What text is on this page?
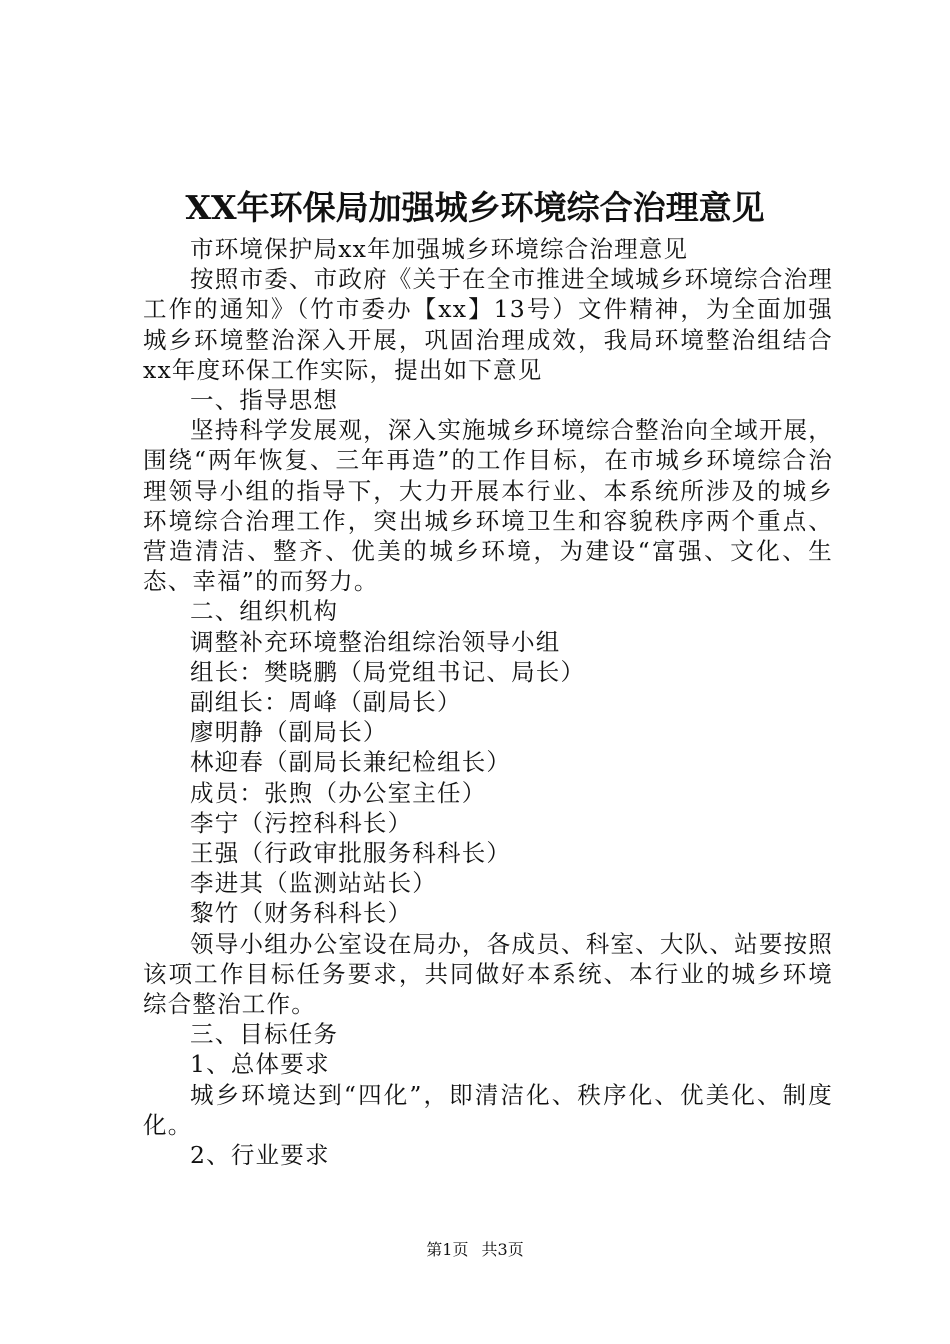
XX年环保局加强城乡环境综合治理意见

市环境保护局xx年加强城乡环境综合治理意见

按照市委、市政府《关于在全市推进全域城乡环境综合治理工作的通知》（竹市委办【xx】13号）文件精神，为全面加强城乡环境整治深入开展，巩固治理成效，我局环境整治组结合xx年度环保工作实际，提出如下意见

一、指导思想

坚持科学发展观，深入实施城乡环境综合整治向全域开展，围绕“两年恢复、三年再造”的工作目标，在市城乡环境综合治理领导小组的指导下，大力开展本行业、本系统所涉及的城乡环境综合治理工作，突出城乡环境卫生和容貌秩序两个重点、营造清洁、整齐、优美的城乡环境，为建设“富强、文化、生态、幸福”的而努力。

二、组织机构

调整补充环境整治组综治领导小组

组长：樊晓鹏（局党组书记、局长）

副组长：周峰（副局长）

廖明静（副局长）

林迎春（副局长兼纪检组长）

成员：张煦（办公室主任）

李宁（污控科科长）

王强（行政审批服务科科长）

李进其（监测站站长）

黎竹（财务科科长）

领导小组办公室设在局办，各成员、科室、大队、站要按照该项工作目标任务要求，共同做好本系统、本行业的城乡环境综合整治工作。

三、目标任务

1、总体要求

城乡环境达到“四化”，即清洁化、秩序化、优美化、制度化。

2、行业要求

第1页 共3页
